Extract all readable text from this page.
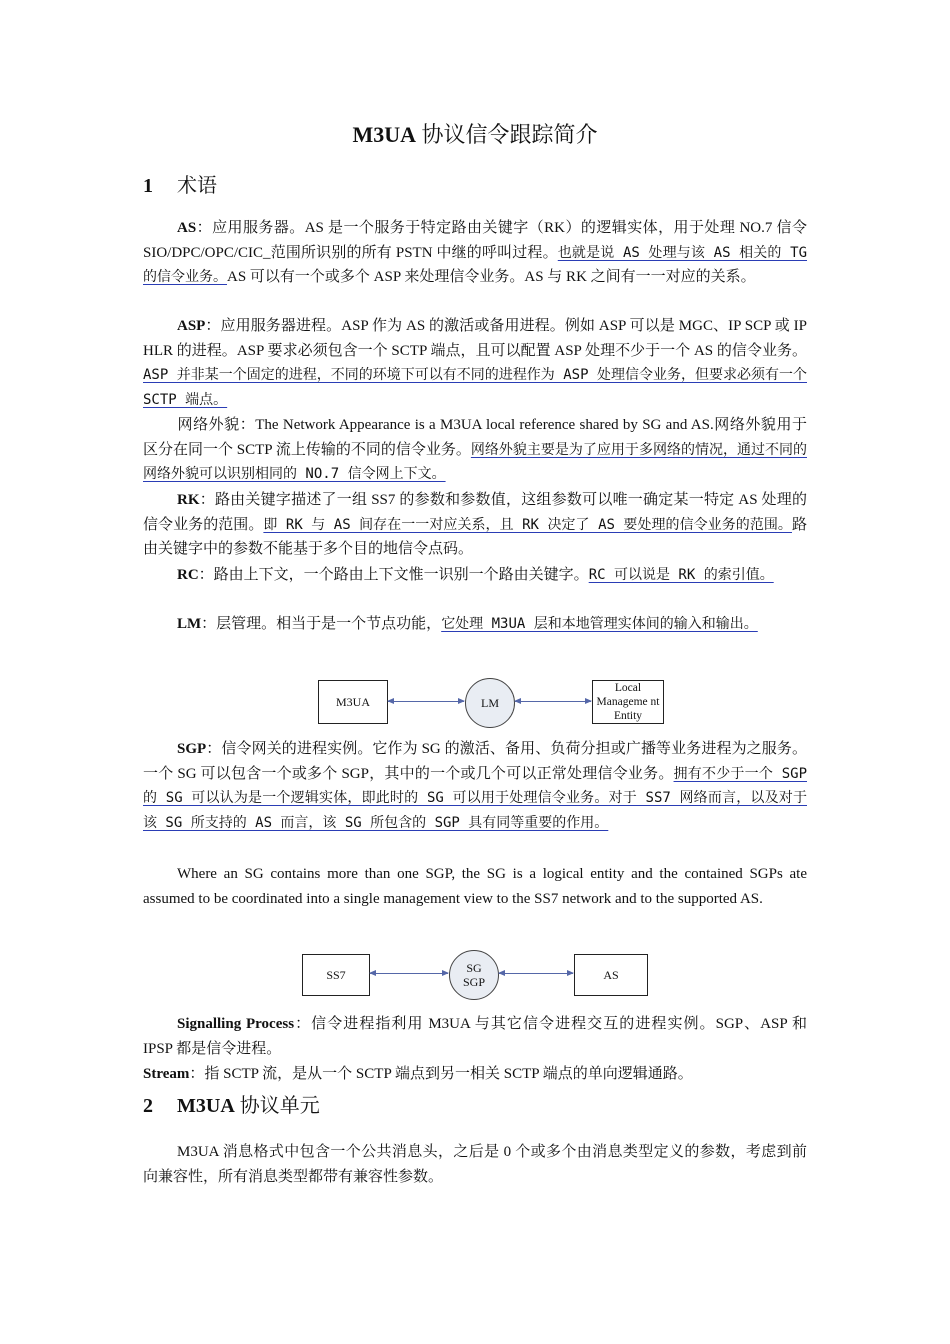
M3UA 协议信令跟踪简介
1 术语
AS：应用服务器。AS 是一个服务于特定路由关键字（RK）的逻辑实体，用于处理 NO.7 信令 SIO/DPC/OPC/CIC_范围所识别的所有 PSTN 中继的呼叫过程。也就是说 AS 处理与该 AS 相关的 TG 的信令业务。AS 可以有一个或多个 ASP 来处理信令业务。AS 与 RK 之间有一一对应的关系。
ASP：应用服务器进程。ASP 作为 AS 的激活或备用进程。例如 ASP 可以是 MGC、IP SCP 或 IP HLR 的进程。ASP 要求必须包含一个 SCTP 端点，且可以配置 ASP 处理不少于一个 AS 的信令业务。ASP 并非某一个固定的进程，不同的环境下可以有不同的进程作为 ASP 处理信令业务，但要求必须有一个 SCTP 端点。
网络外貌：The Network Appearance is a M3UA local reference shared by SG and AS.网络外貌用于区分在同一个 SCTP 流上传输的不同的信令业务。网络外貌主要是为了应用于多网络的情况，通过不同的网络外貌可以识别相同的 NO.7 信令网上下文。
RK：路由关键字描述了一组 SS7 的参数和参数值，这组参数可以唯一确定某一特定 AS 处理的信令业务的范围。即 RK 与 AS 间存在一一对应关系，且 RK 决定了 AS 要处理的信令业务的范围。路由关键字中的参数不能基于多个目的地信令点码。
RC：路由上下文，一个路由上下文惟一识别一个路由关键字。RC 可以说是 RK 的索引值。
LM：层管理。相当于是一个节点功能，它处理 M3UA 层和本地管理实体间的输入和输出。
M3UA	LM
Local Manageme nt Entity
SGP：信令网关的进程实例。它作为 SG 的激活、备用、负荷分担或广播等业务进程为之服务。一个 SG 可以包含一个或多个 SGP，其中的一个或几个可以正常处理信令业务。拥有不少于一个 SGP 的 SG 可以认为是一个逻辑实体，即此时的 SG 可以用于处理信令业务。对于 SS7 网络而言，以及对于该 SG 所支持的 AS 而言，该 SG 所包含的 SGP 具有同等重要的作用。
Where an SG contains more than one SGP, the SG is a logical entity and the contained SGPs ate assumed to be coordinated into a single management view to the SS7 network and to the supported AS.
SS7	SG
SGP	AS
Signalling Process：信令进程指利用 M3UA 与其它信令进程交互的进程实例。SGP、ASP 和 IPSP 都是信令进程。
Stream：指 SCTP 流，是从一个 SCTP 端点到另一相关 SCTP 端点的单向逻辑通路。
2 M3UA 协议单元
M3UA 消息格式中包含一个公共消息头，之后是 0 个或多个由消息类型定义的参数，考虑到前向兼容性，所有消息类型都带有兼容性参数。
